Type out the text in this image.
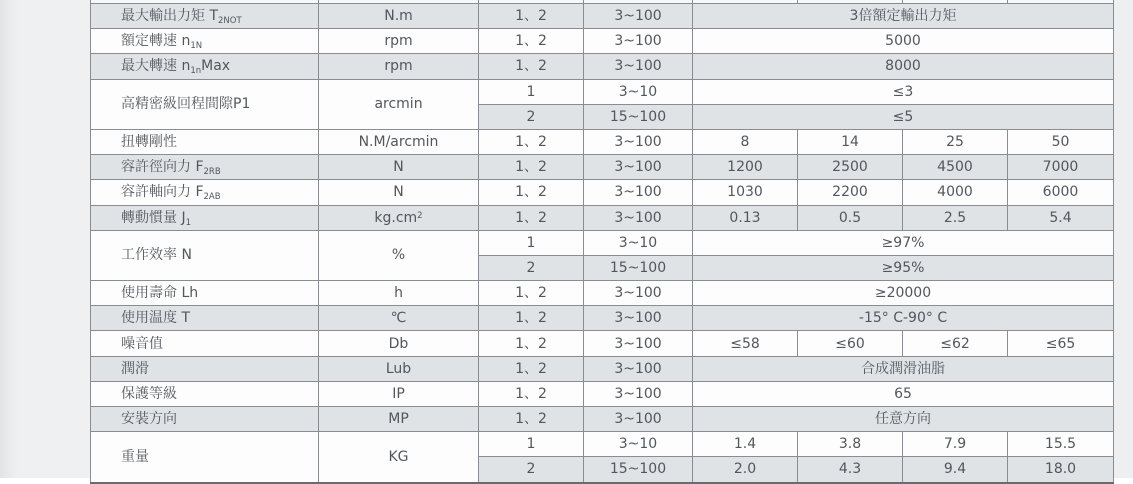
最大輸出力矩 $T_{2NOT}$	N.m	1、2	3~100	3倍額定輸出力矩			
額定轉速 $n_{1N}$	rpm	1、2	3~100	5000			
最大轉速 $n_{1n}Max$	rpm	1、2	3~100	8000			
高精密級回程間隙P1	arcmin	1	3~10	≤3			
		2	15~100	≤5			
扭轉剛性	N.M/arcmin	1、2	3~100	8	14	25	50
容許徑向力 $F_{2RB}$	N	1、2	3~100	1200	2500	4500	7000
容許軸向力 $F_{2AB}$	N	1、2	3~100	1030	2200	4000	6000
轉動慣量 $J_1$	$kg.cm^2$	1、2	3~100	0.13	0.5	2.5	5.4
工作效率 N	%	1	3~10	≥97%			
		2	15~100	≥95%			
使用壽命 Lh	h	1、2	3~100	≥20000			
使用温度 T	℃	1、2	3~100	-15° C-90° C			
噪音值	Db	1、2	3~100	≤58	≤60	≤62	≤65
潤滑	Lub	1、2	3~100	合成潤滑油脂			
保護等級	IP	1、2	3~100	65			
安裝方向	MP	1、2	3~100	任意方向			
重量	KG	1	3~10	1.4	3.8	7.9	15.5
		2	15~100	2.0	4.3	9.4	18.0
